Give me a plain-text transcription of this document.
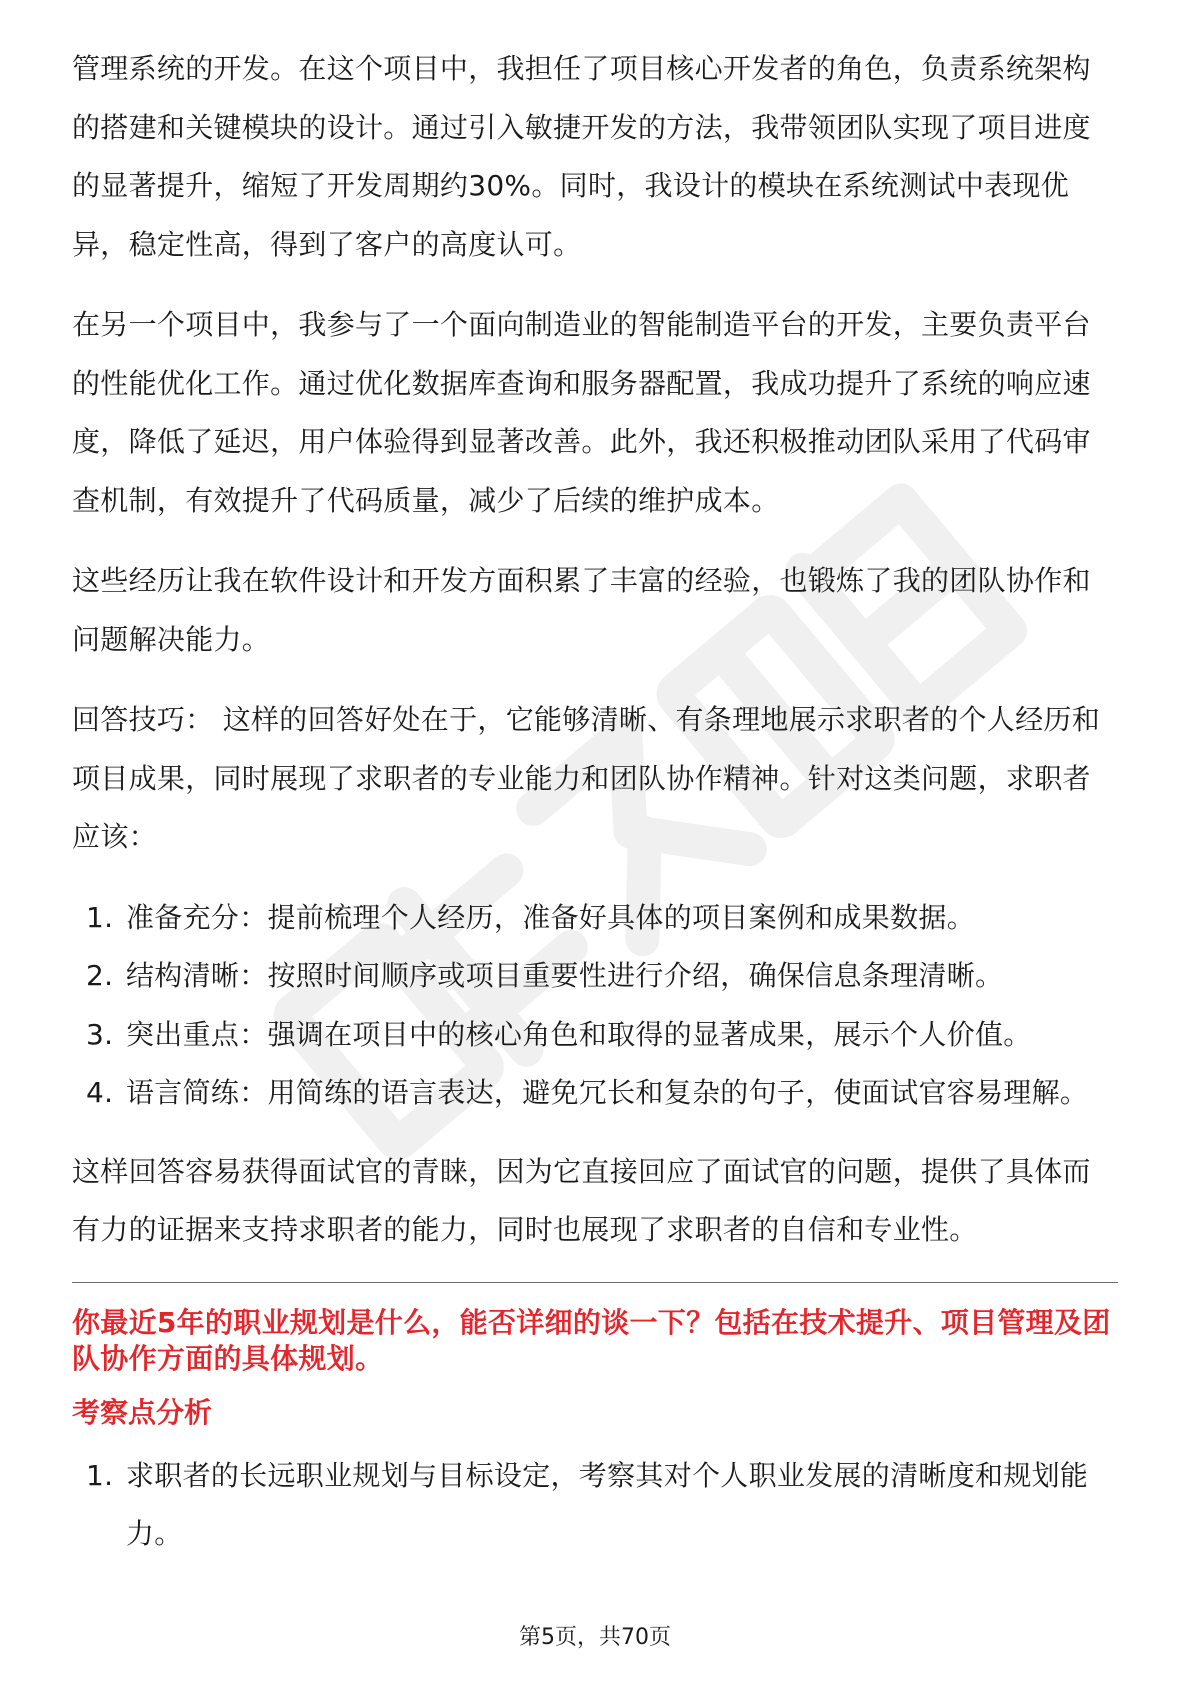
管理系统的开发。在这个项目中，我担任了项目核心开发者的角色，负责系统架构的搭建和关键模块的设计。通过引入敏捷开发的方法，我带领团队实现了项目进度的显著提升，缩短了开发周期约30%。同时，我设计的模块在系统测试中表现优异，稳定性高，得到了客户的高度认可。

在另一个项目中，我参与了一个面向制造业的智能制造平台的开发，主要负责平台的性能优化工作。通过优化数据库查询和服务器配置，我成功提升了系统的响应速度，降低了延迟，用户体验得到显著改善。此外，我还积极推动团队采用了代码审查机制，有效提升了代码质量，减少了后续的维护成本。

这些经历让我在软件设计和开发方面积累了丰富的经验，也锻炼了我的团队协作和问题解决能力。

回答技巧： 这样的回答好处在于，它能够清晰、有条理地展示求职者的个人经历和项目成果，同时展现了求职者的专业能力和团队协作精神。针对这类问题，求职者应该：

1. 准备充分：提前梳理个人经历，准备好具体的项目案例和成果数据。
2. 结构清晰：按照时间顺序或项目重要性进行介绍，确保信息条理清晰。
3. 突出重点：强调在项目中的核心角色和取得的显著成果，展示个人价值。
4. 语言简练：用简练的语言表达，避免冗长和复杂的句子，使面试官容易理解。

这样回答容易获得面试官的青睐，因为它直接回应了面试官的问题，提供了具体而有力的证据来支持求职者的能力，同时也展现了求职者的自信和专业性。

你最近5年的职业规划是什么，能否详细的谈一下？包括在技术提升、项目管理及团队协作方面的具体规划。

考察点分析

1. 求职者的长远职业规划与目标设定，考察其对个人职业发展的清晰度和规划能力。
第5页，共70页
